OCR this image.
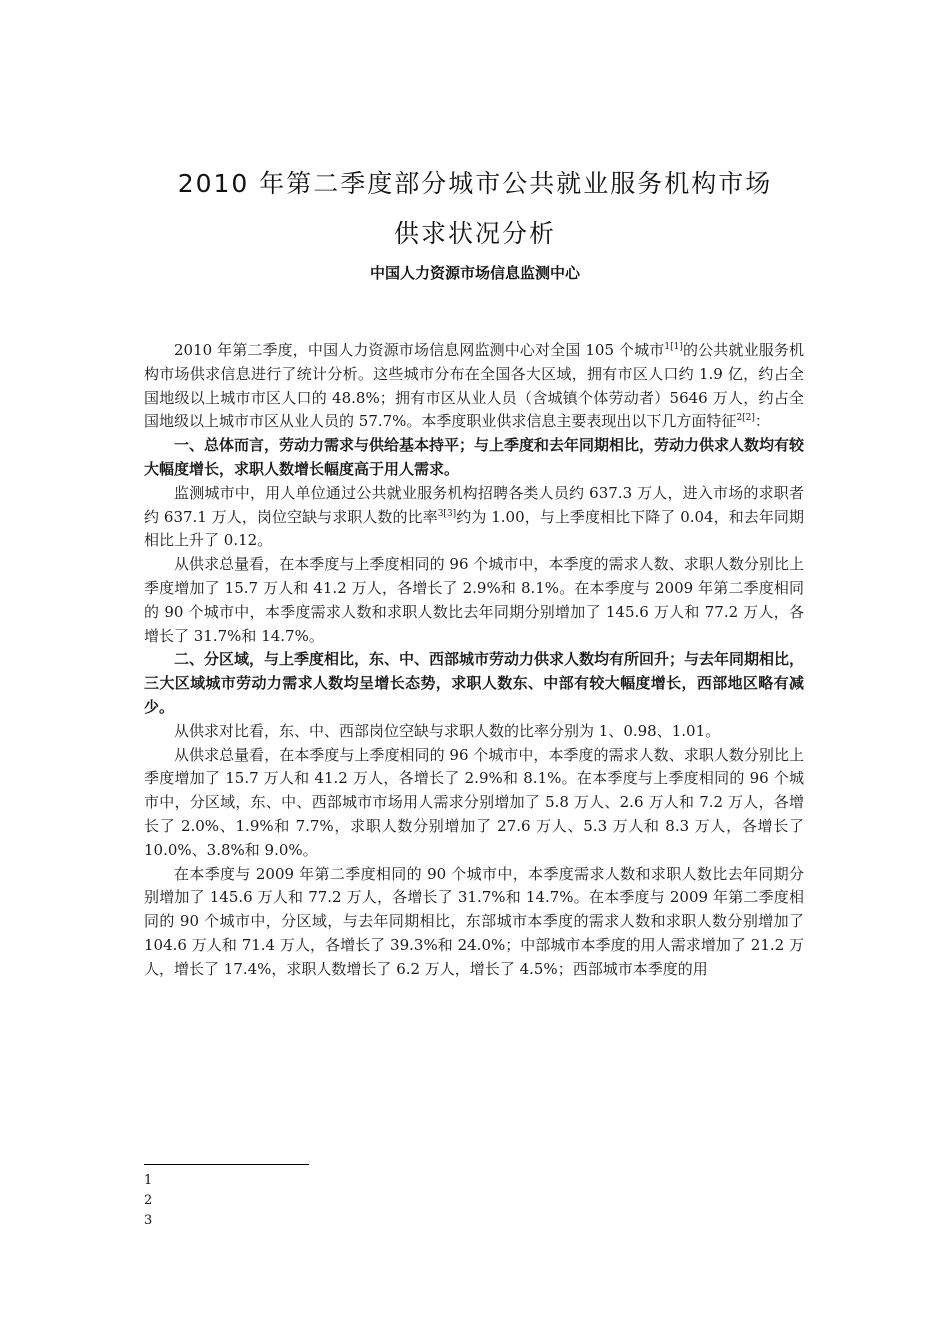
2010 年第二季度部分城市公共就业服务机构市场
供求状况分析
中国人力资源市场信息监测中心

2010 年第二季度，中国人力资源市场信息网监测中心对全国 105 个城市$^{1[1]}$的公共就业服务机构市场供求信息进行了统计分析。这些城市分布在全国各大区域，拥有市区人口约 1.9 亿，约占全国地级以上城市市区人口的 48.8%；拥有市区从业人员（含城镇个体劳动者）5646 万人，约占全国地级以上城市市区从业人员的 57.7%。本季度职业供求信息主要表现出以下几方面特征$^{2[2]}$：

一、总体而言，劳动力需求与供给基本持平；与上季度和去年同期相比，劳动力供求人数均有较大幅度增长，求职人数增长幅度高于用人需求。

监测城市中，用人单位通过公共就业服务机构招聘各类人员约 637.3 万人，进入市场的求职者约 637.1 万人，岗位空缺与求职人数的比率$^{3[3]}$约为 1.00，与上季度相比下降了 0.04，和去年同期相比上升了 0.12。

从供求总量看，在本季度与上季度相同的 96 个城市中，本季度的需求人数、求职人数分别比上季度增加了 15.7 万人和 41.2 万人，各增长了 2.9%和 8.1%。在本季度与 2009 年第二季度相同的 90 个城市中，本季度需求人数和求职人数比去年同期分别增加了 145.6 万人和 77.2 万人，各增长了 31.7%和 14.7%。

二、分区域，与上季度相比，东、中、西部城市劳动力供求人数均有所回升；与去年同期相比，三大区域城市劳动力需求人数均呈增长态势，求职人数东、中部有较大幅度增长，西部地区略有减少。

从供求对比看，东、中、西部岗位空缺与求职人数的比率分别为 1、0.98、1.01。

从供求总量看，在本季度与上季度相同的 96 个城市中，本季度的需求人数、求职人数分别比上季度增加了 15.7 万人和 41.2 万人，各增长了 2.9%和 8.1%。在本季度与上季度相同的 96 个城市中，分区域，东、中、西部城市市场用人需求分别增加了 5.8 万人、2.6 万人和 7.2 万人，各增长了 2.0%、1.9%和 7.7%，求职人数分别增加了 27.6 万人、5.3 万人和 8.3 万人，各增长了 10.0%、3.8%和 9.0%。

在本季度与 2009 年第二季度相同的 90 个城市中，本季度需求人数和求职人数比去年同期分别增加了 145.6 万人和 77.2 万人，各增长了 31.7%和 14.7%。在本季度与 2009 年第二季度相同的 90 个城市中，分区域，与去年同期相比，东部城市本季度的需求人数和求职人数分别增加了 104.6 万人和 71.4 万人，各增长了 39.3%和 24.0%；中部城市本季度的用人需求增加了 21.2 万人，增长了 17.4%，求职人数增长了 6.2 万人，增长了 4.5%；西部城市本季度的用

1
2
3
